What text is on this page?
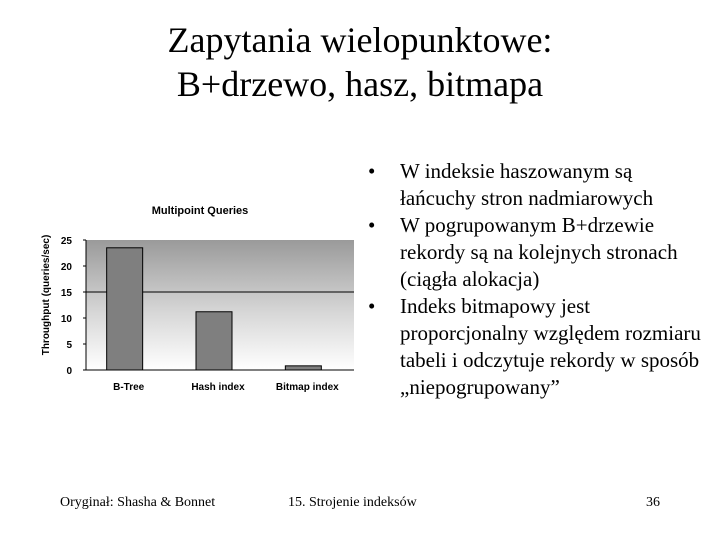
Zapytania wielopunktowe:
B+drzewo, hasz, bitmapa
0
5
10
15
20
25
B-Tree	Hash index	Bitmap index
Multipoint Queries
Throughput (queries/sec)
• W indeksie haszowanym są łańcuchy stron nadmiarowych
• W pogrupowanym B+drzewie rekordy są na kolejnych stronach (ciągła alokacja)
• Indeks bitmapowy jest proporcjonalny względem rozmiaru tabeli i odczytuje rekordy w sposób „niepogrupowany”
Oryginał: Shasha & Bonnet	15. Strojenie indeksów	36
